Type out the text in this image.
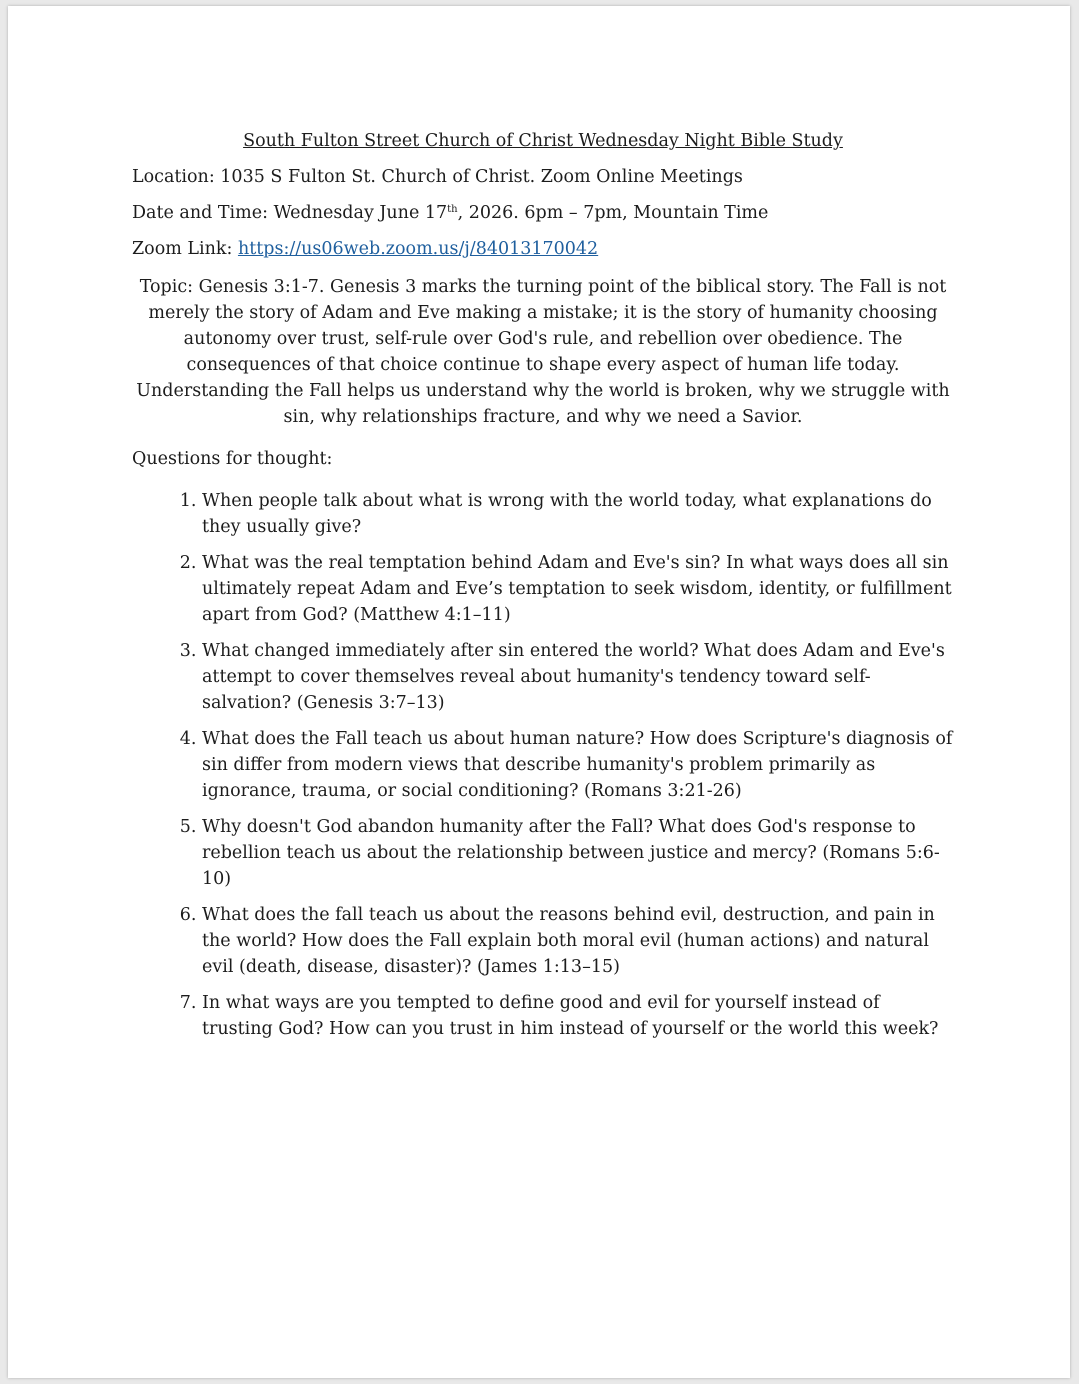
South Fulton Street Church of Christ Wednesday Night Bible Study

Location: 1035 S Fulton St. Church of Christ. Zoom Online Meetings

Date and Time: Wednesday June 17th, 2026. 6pm – 7pm, Mountain Time

Zoom Link: https://us06web.zoom.us/j/84013170042

Topic: Genesis 3:1-7. Genesis 3 marks the turning point of the biblical story. The Fall is not merely the story of Adam and Eve making a mistake; it is the story of humanity choosing autonomy over trust, self-rule over God's rule, and rebellion over obedience. The consequences of that choice continue to shape every aspect of human life today. Understanding the Fall helps us understand why the world is broken, why we struggle with sin, why relationships fracture, and why we need a Savior.

Questions for thought:

1. When people talk about what is wrong with the world today, what explanations do they usually give?
2. What was the real temptation behind Adam and Eve's sin? In what ways does all sin ultimately repeat Adam and Eve’s temptation to seek wisdom, identity, or fulfillment apart from God? (Matthew 4:1–11)
3. What changed immediately after sin entered the world? What does Adam and Eve's attempt to cover themselves reveal about humanity's tendency toward self-salvation? (Genesis 3:7–13)
4. What does the Fall teach us about human nature? How does Scripture's diagnosis of sin differ from modern views that describe humanity's problem primarily as ignorance, trauma, or social conditioning? (Romans 3:21-26)
5. Why doesn't God abandon humanity after the Fall? What does God's response to rebellion teach us about the relationship between justice and mercy? (Romans 5:6-10)
6. What does the fall teach us about the reasons behind evil, destruction, and pain in the world? How does the Fall explain both moral evil (human actions) and natural evil (death, disease, disaster)? (James 1:13–15)
7. In what ways are you tempted to define good and evil for yourself instead of trusting God? How can you trust in him instead of yourself or the world this week?
